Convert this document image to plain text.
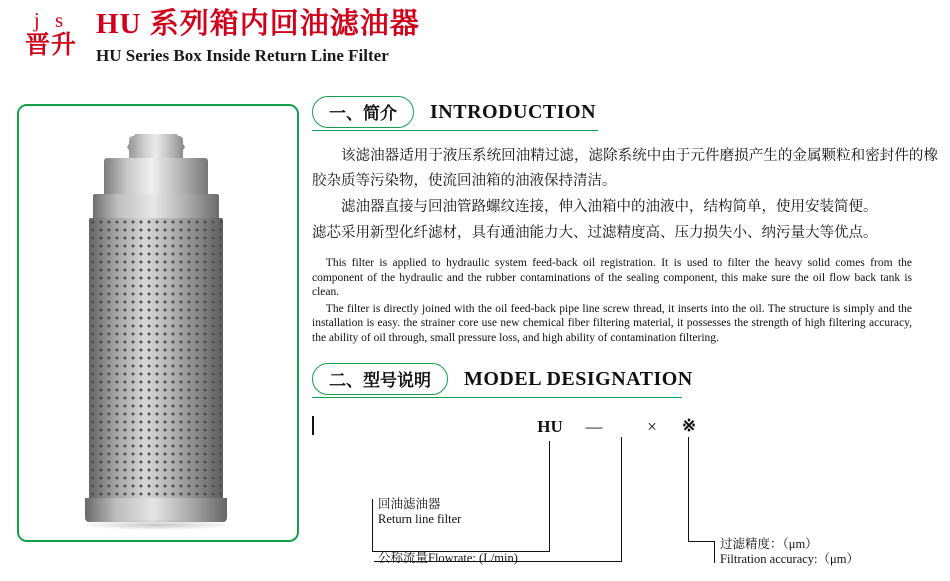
j s
晋升
HU 系列箱内回油滤油器
HU Series Box Inside Return Line Filter
一、简介 INTRODUCTION

该滤油器适用于液压系统回油精过滤，滤除系统中由于元件磨损产生的金属颗粒和密封件的橡胶杂质等污染物，使流回油箱的油液保持清洁。

滤油器直接与回油管路螺纹连接，伸入油箱中的油液中，结构简单，使用安装简便。

滤芯采用新型化纤滤材，具有通油能力大、过滤精度高、压力损失小、纳污量大等优点。

This filter is applied to hydraulic system feed-back oil registration. It is used to filter the heavy solid comes from the component of the hydraulic and the rubber contaminations of the sealing component, this make sure the oil flow back tank is clean.

The filter is directly joined with the oil feed-back pipe line screw thread, it inserts into the oil. The structure is simply and the installation is easy. the strainer core use new chemical fiber filtering material, it possesses the strength of high filtering accuracy, the ability of oil through, small pressure loss, and high ability of contamination filtering.

二、型号说明 MODEL DESIGNATION
HU	—	×	※
回油滤油器
Return line filter
公称流量Flowrate: (L/min)
过滤精度：（μm）
Filtration accuracy:（μm）
